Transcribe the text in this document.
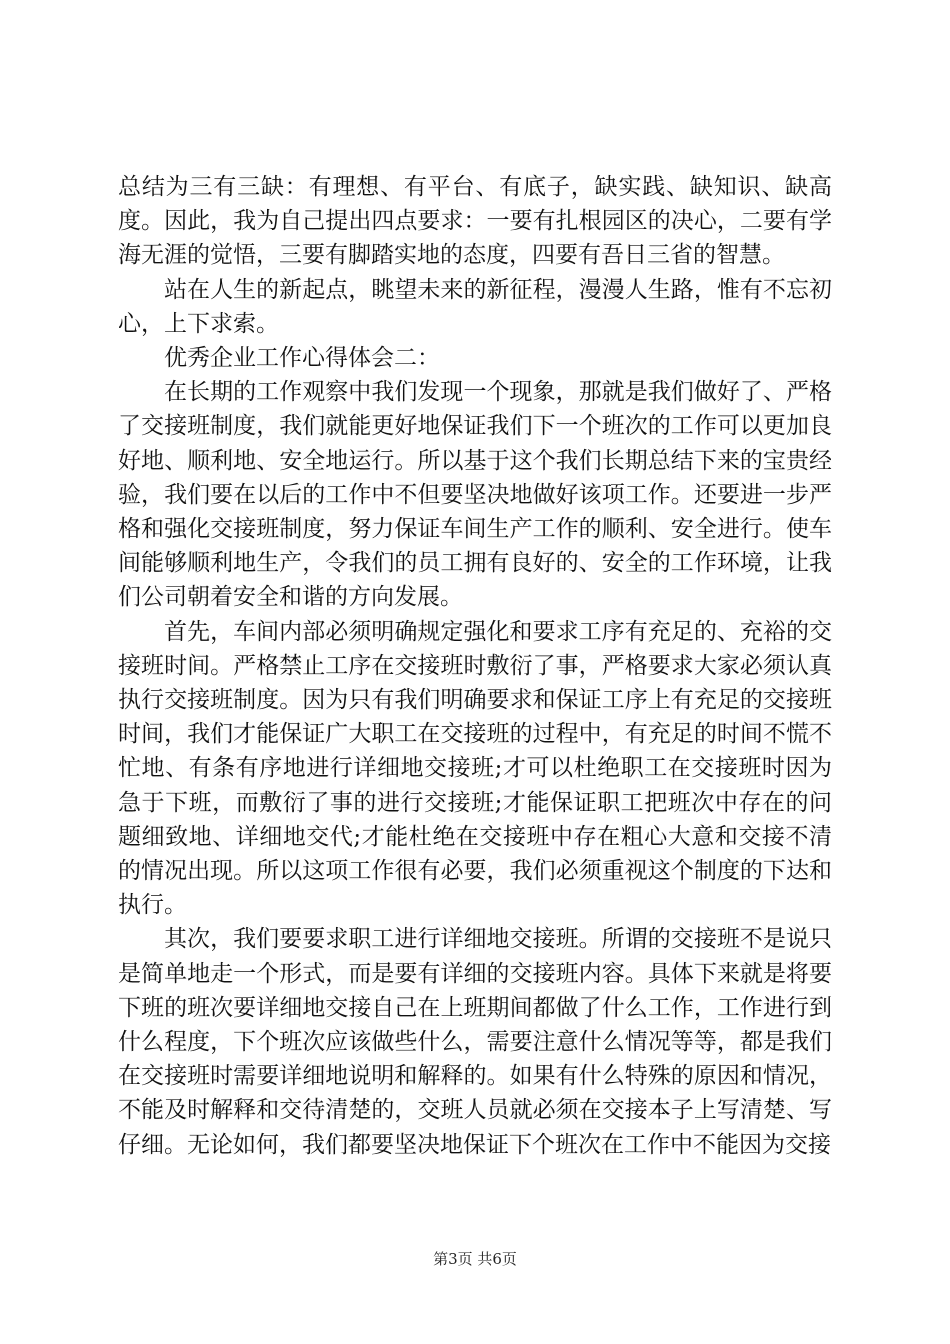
总结为三有三缺：有理想、有平台、有底子，缺实践、缺知识、缺高度。因此，我为自己提出四点要求：一要有扎根园区的决心，二要有学海无涯的觉悟，三要有脚踏实地的态度，四要有吾日三省的智慧。

站在人生的新起点，眺望未来的新征程，漫漫人生路，惟有不忘初心，上下求索。

优秀企业工作心得体会二：

在长期的工作观察中我们发现一个现象，那就是我们做好了、严格了交接班制度，我们就能更好地保证我们下一个班次的工作可以更加良好地、顺利地、安全地运行。所以基于这个我们长期总结下来的宝贵经验，我们要在以后的工作中不但要坚决地做好该项工作。还要进一步严格和强化交接班制度，努力保证车间生产工作的顺利、安全进行。使车间能够顺利地生产，令我们的员工拥有良好的、安全的工作环境，让我们公司朝着安全和谐的方向发展。

首先，车间内部必须明确规定强化和要求工序有充足的、充裕的交接班时间。严格禁止工序在交接班时敷衍了事，严格要求大家必须认真执行交接班制度。因为只有我们明确要求和保证工序上有充足的交接班时间，我们才能保证广大职工在交接班的过程中，有充足的时间不慌不忙地、有条有序地进行详细地交接班;才可以杜绝职工在交接班时因为急于下班，而敷衍了事的进行交接班;才能保证职工把班次中存在的问题细致地、详细地交代;才能杜绝在交接班中存在粗心大意和交接不清的情况出现。所以这项工作很有必要，我们必须重视这个制度的下达和执行。

其次，我们要要求职工进行详细地交接班。所谓的交接班不是说只是简单地走一个形式，而是要有详细的交接班内容。具体下来就是将要下班的班次要详细地交接自己在上班期间都做了什么工作，工作进行到什么程度，下个班次应该做些什么，需要注意什么情况等等，都是我们在交接班时需要详细地说明和解释的。如果有什么特殊的原因和情况，不能及时解释和交待清楚的，交班人员就必须在交接本子上写清楚、写仔细。无论如何，我们都要坚决地保证下个班次在工作中不能因为交接

第3页 共6页
